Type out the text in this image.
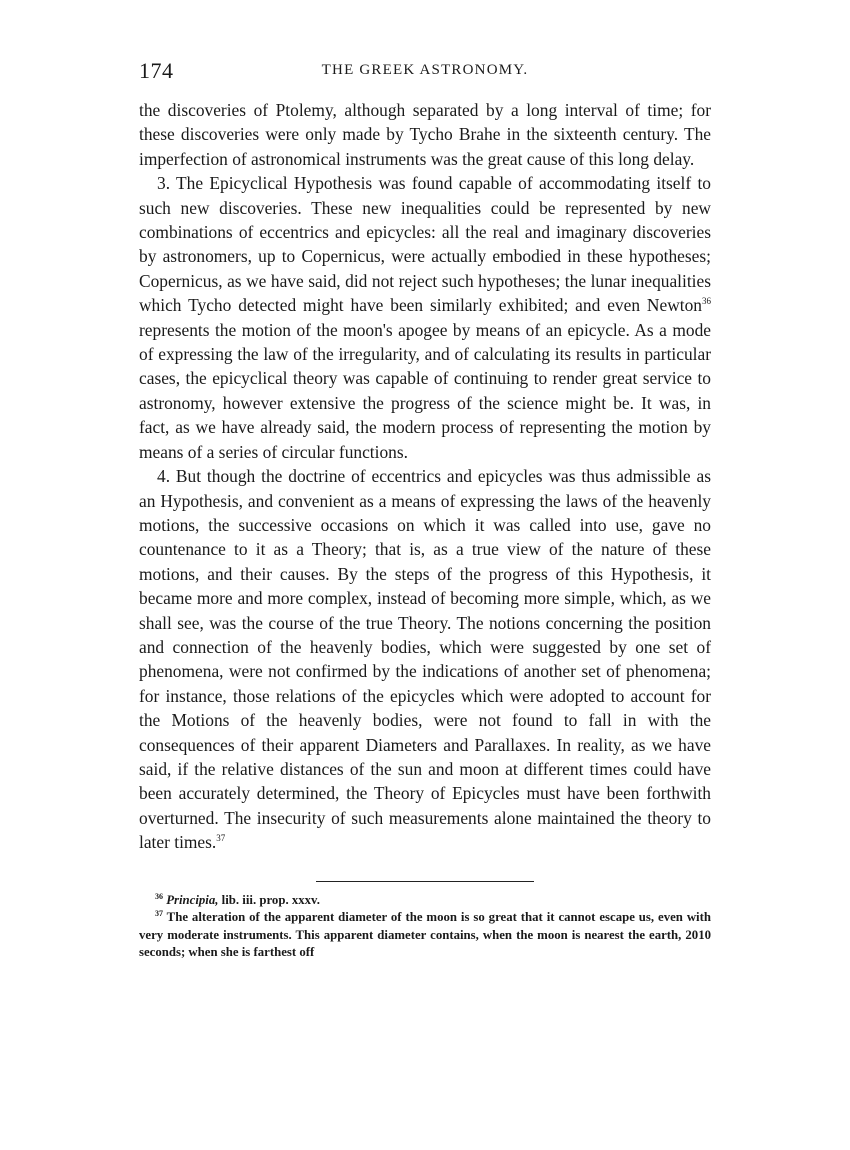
174	THE GREEK ASTRONOMY.

the discoveries of Ptolemy, although separated by a long interval of time; for these discoveries were only made by Tycho Brahe in the sixteenth century. The imperfection of astronomical instruments was the great cause of this long delay.

3. The Epicyclical Hypothesis was found capable of accommodating itself to such new discoveries. These new inequalities could be represented by new combinations of eccentrics and epicycles: all the real and imaginary discoveries by astronomers, up to Copernicus, were actually embodied in these hypotheses; Copernicus, as we have said, did not reject such hypotheses; the lunar inequalities which Tycho detected might have been similarly exhibited; and even Newton$^{36}$ represents the motion of the moon's apogee by means of an epicycle. As a mode of expressing the law of the irregularity, and of calculating its results in particular cases, the epicyclical theory was capable of continuing to render great service to astronomy, however extensive the progress of the science might be. It was, in fact, as we have already said, the modern process of representing the motion by means of a series of circular functions.

4. But though the doctrine of eccentrics and epicycles was thus admissible as an Hypothesis, and convenient as a means of expressing the laws of the heavenly motions, the successive occasions on which it was called into use, gave no countenance to it as a Theory; that is, as a true view of the nature of these motions, and their causes. By the steps of the progress of this Hypothesis, it became more and more complex, instead of becoming more simple, which, as we shall see, was the course of the true Theory. The notions concerning the position and connection of the heavenly bodies, which were suggested by one set of phenomena, were not confirmed by the indications of another set of phenomena; for instance, those relations of the epicycles which were adopted to account for the Motions of the heavenly bodies, were not found to fall in with the consequences of their apparent Diameters and Parallaxes. In reality, as we have said, if the relative distances of the sun and moon at different times could have been accurately determined, the Theory of Epicycles must have been forthwith overturned. The insecurity of such measurements alone maintained the theory to later times.$^{37}$

$^{36}$ Principia, lib. iii. prop. xxxv.

$^{37}$ The alteration of the apparent diameter of the moon is so great that it cannot escape us, even with very moderate instruments. This apparent diameter contains, when the moon is nearest the earth, 2010 seconds; when she is farthest off
